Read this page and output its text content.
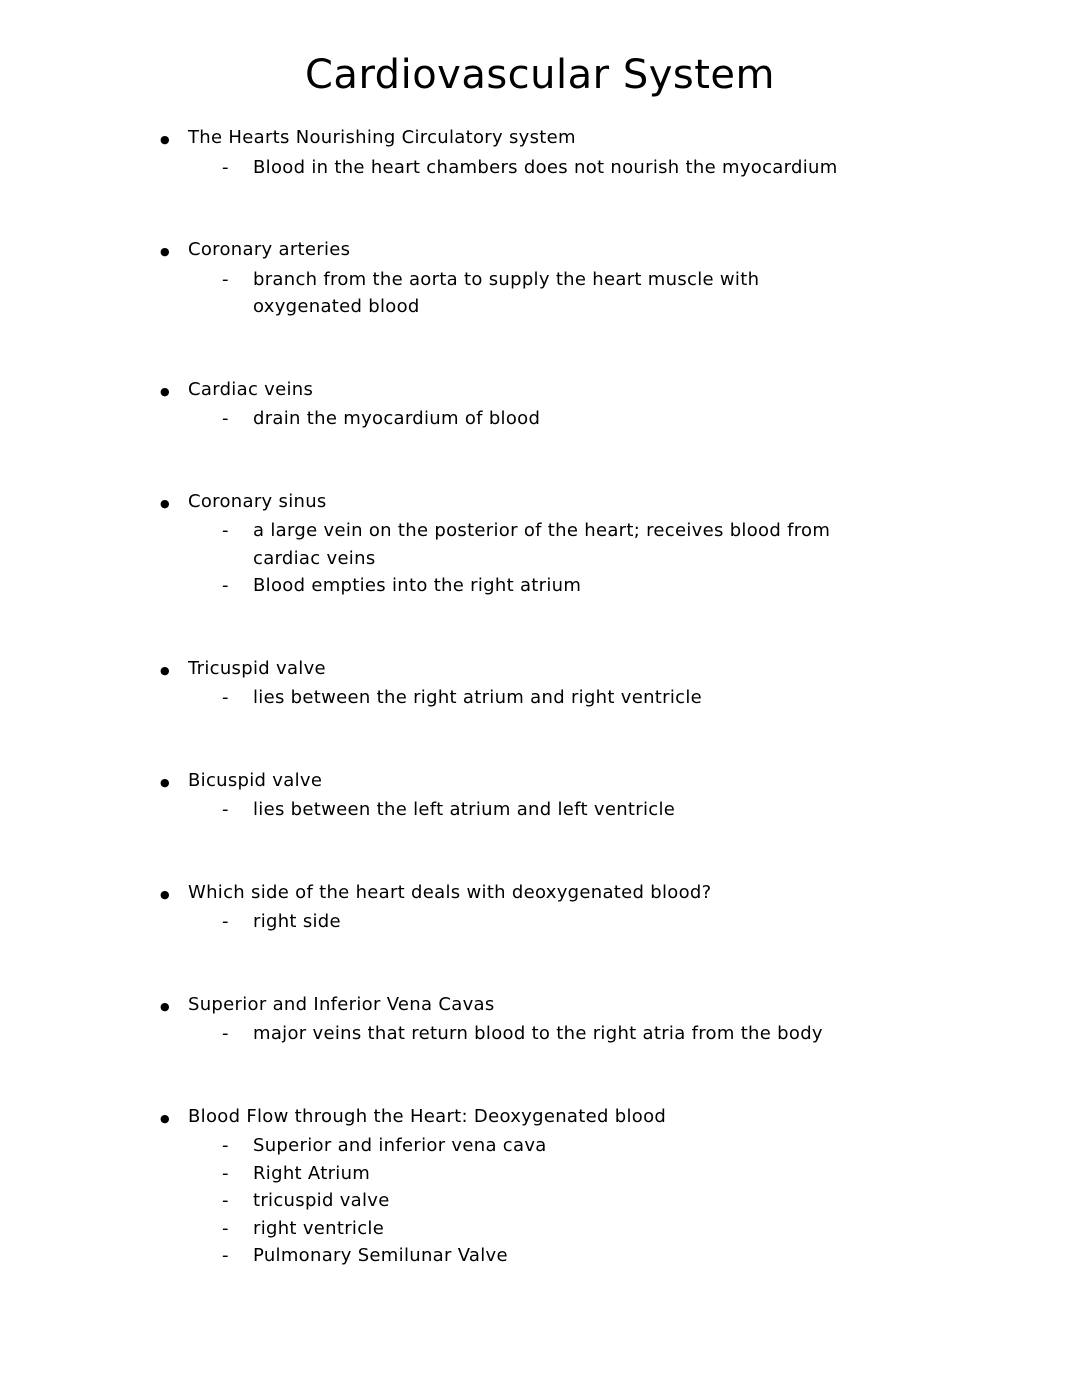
Cardiovascular System
●	The Hearts Nourishing Circulatory system
-	Blood in the heart chambers does not nourish the myocardium
●	Coronary arteries
-	branch from the aorta to supply the heart muscle with
oxygenated blood
●	Cardiac veins
-	drain the myocardium of blood
●	Coronary sinus
-	a large vein on the posterior of the heart; receives blood from
cardiac veins
-	Blood empties into the right atrium
●	Tricuspid valve
-	lies between the right atrium and right ventricle
●	Bicuspid valve
-	lies between the left atrium and left ventricle
●	Which side of the heart deals with deoxygenated blood?
-	right side
●	Superior and Inferior Vena Cavas
-	major veins that return blood to the right atria from the body
●	Blood Flow through the Heart: Deoxygenated blood
-	Superior and inferior vena cava
-	Right Atrium
-	tricuspid valve
-	right ventricle
-	Pulmonary Semilunar Valve
